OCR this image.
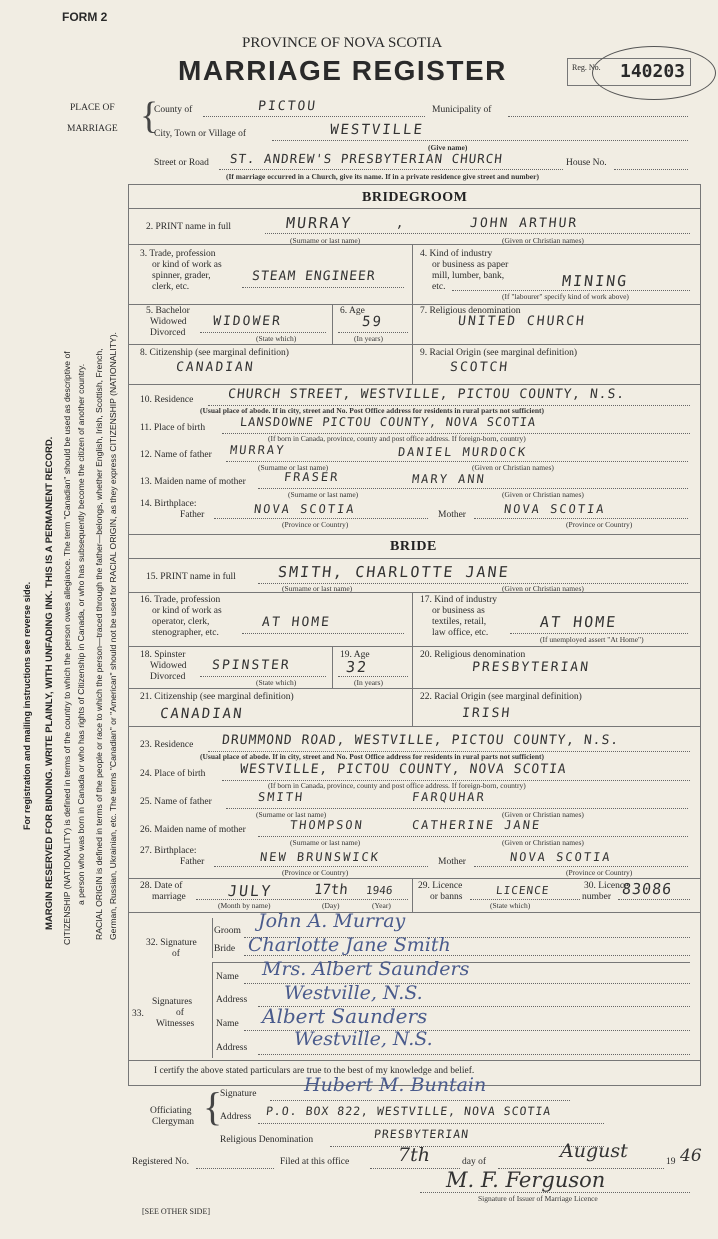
MARGIN RESERVED FOR BINDING. WRITE PLAINLY, WITH UNFADING INK. THIS IS A PERMANENT RECORD.
For registration and mailing instructions see reverse side.	CITIZENSHIP (NATIONALITY) is defined in terms of the country to which the person owes allegiance. The term "Canadian" should be used as descriptive of a person who was born in Canada or who has rights of Citizenship in Canada, or who has subsequently become the citizen of another country. RACIAL ORIGIN is defined in terms of the people or race to which the person—traced through the father—belongs, whether English, Irish, Scottish, French, German, Russian, Ukrainian, etc. The terms "Canadian" or "American" should not be used for RACIAL ORIGIN, as they express CITIZENSHIP (NATIONALITY).
FORM 2
PROVINCE OF NOVA SCOTIA
MARRIAGE REGISTER	Reg. No. 140203
PLACE OF
MARRIAGE {
County of	PICTOU	Municipality of
City, Town or Village of	WESTVILLE
(Give name)
Street or Road ST. ANDREW'S PRESBYTERIAN CHURCH	House No.
(If marriage occurred in a Church, give its name. If in a private residence give street and number)
BRIDEGROOM
2. PRINT name in full	MURRAY	,	JOHN ARTHUR
(Surname or last name)	(Given or Christian names)
3. Trade, profession
or kind of work as
spinner, grader,
clerk, etc.
STEAM ENGINEER
4. Kind of industry
or business as paper
mill, lumber, bank,
etc.	MINING
(If "labourer" specify kind of work above)
5. Bachelor
Widowed
Divorced
WIDOWER
(State which)
6. Age
59
(In years)
7. Religious denomination
UNITED CHURCH
8. Citizenship (see marginal definition)
CANADIAN
9. Racial Origin (see marginal definition)
SCOTCH
10. Residence	CHURCH STREET, WESTVILLE, PICTOU COUNTY, N.S.
(Usual place of abode. If in city, street and No. Post Office address for residents in rural parts not sufficient)
11. Place of birth	LANSDOWNE PICTOU COUNTY, NOVA SCOTIA
(If born in Canada, province, county and post office address. If foreign-born, country)
12. Name of father MURRAY	DANIEL MURDOCK
(Surname or last name)	(Given or Christian names)
13. Maiden name of mother	FRASER	MARY ANN
(Surname or last name)	(Given or Christian names)
14. Birthplace:
Father	NOVA SCOTIA	Mother	NOVA SCOTIA
(Province or Country)	(Province or Country)
BRIDE
15. PRINT name in full	SMITH, CHARLOTTE JANE
(Surname or last name)	(Given or Christian names)
16. Trade, profession
or kind of work as
operator, clerk,
stenographer, etc.
AT HOME
17. Kind of industry
or business as
textiles, retail,
law office, etc.
AT HOME
(If unemployed assert "At Home")
18. Spinster
Widowed
Divorced
SPINSTER
(State which)
19. Age
32
(In years)
20. Religious denomination
PRESBYTERIAN
21. Citizenship (see marginal definition)
CANADIAN
22. Racial Origin (see marginal definition)
IRISH
23. Residence DRUMMOND ROAD, WESTVILLE, PICTOU COUNTY, N.S.
(Usual place of abode. If in city, street and No. Post Office address for residents in rural parts not sufficient)
24. Place of birth	WESTVILLE, PICTOU COUNTY, NOVA SCOTIA
(If born in Canada, province, county and post office address. If foreign-born, country)
25. Name of father	SMITH	FARQUHAR
(Surname or last name)	(Given or Christian names)
26. Maiden name of mother	THOMPSON	CATHERINE JANE
(Surname or last name)	(Given or Christian names)
27. Birthplace:
Father	NEW BRUNSWICK	Mother	NOVA SCOTIA
(Province or Country)	(Province or Country)
28. Date of
marriage	JULY	17th 1946
(Month by name)	(Day)	(Year)
29. Licence
or banns	LICENCE
(State which)
30. Licence
number 83086
32. Signature
of
Groom John A. Murray
Bride Charlotte Jane Smith
33.
Signatures
of
Witnesses
Name Mrs. Albert Saunders
Address Westville, N.S.
Name Albert Saunders
Address Westville, N.S.
I certify the above stated particulars are true to the best of my knowledge and belief.
Signature	Hubert M. Buntain
Officiating
Clergyman {
Address P.O. BOX 822, WESTVILLE, NOVA SCOTIA
Religious Denomination	PRESBYTERIAN
Registered No.	Filed at this office	7th	day of	August	19 46
M. F. Ferguson
Signature of Issuer of Marriage Licence
[SEE OTHER SIDE]
